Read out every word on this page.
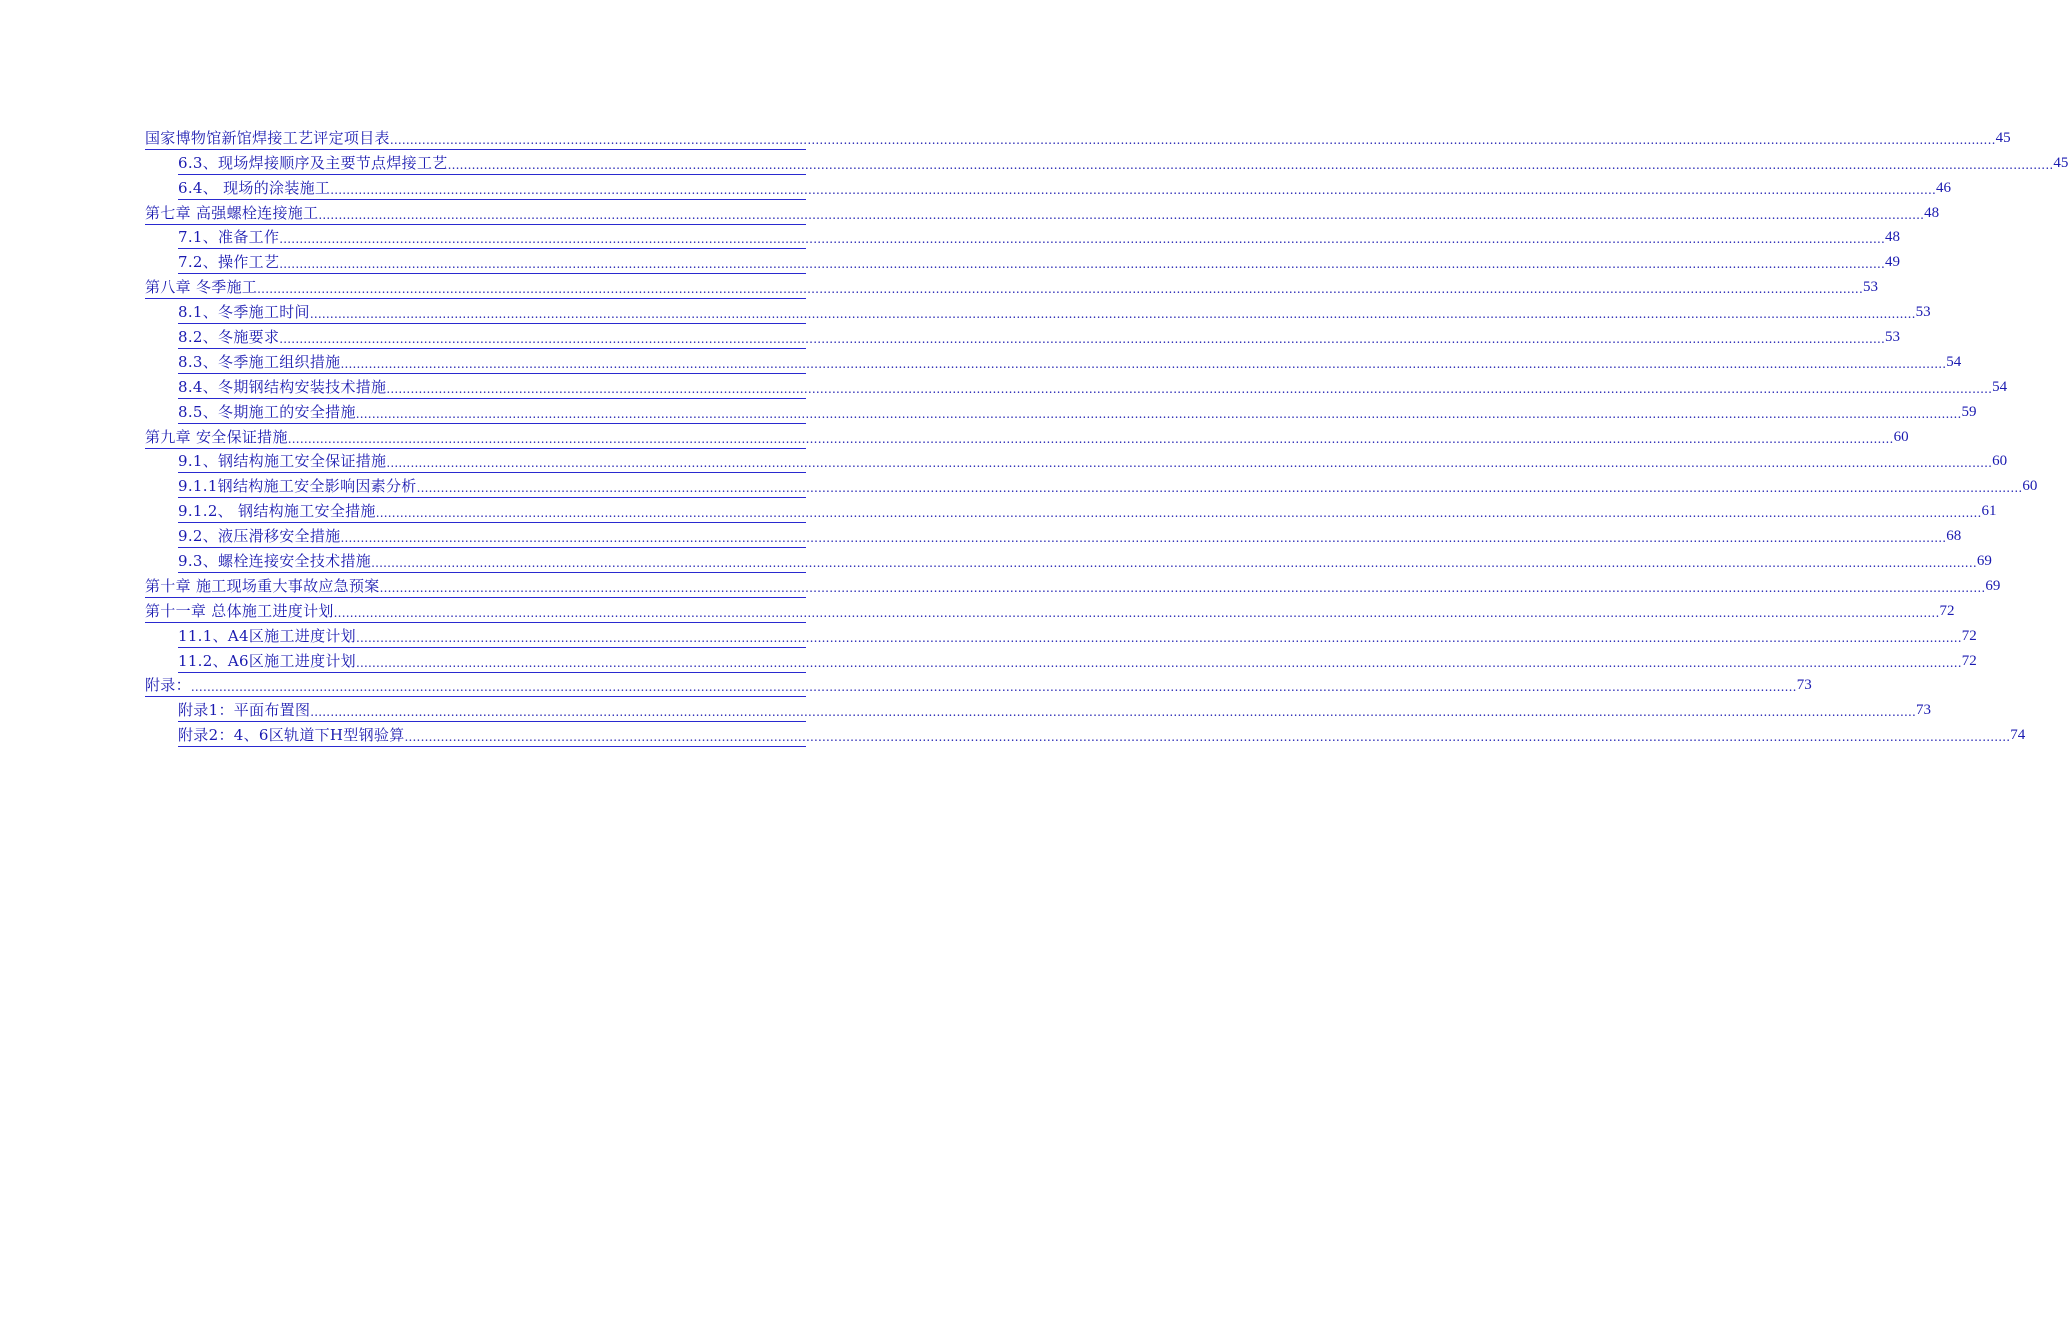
国家博物馆新馆焊接工艺评定项目表 ................................................................................................................................................................................................................................................................................................................................................................................................................ 45
6.3、现场焊接顺序及主要节点焊接工艺 ................................................................................................................................................................................................................................................................................................................................................................................................................ 45
6.4、 现场的涂装施工 ................................................................................................................................................................................................................................................................................................................................................................................................................ 46
第七章 高强螺栓连接施工 ................................................................................................................................................................................................................................................................................................................................................................................................................ 48
7.1、准备工作 ................................................................................................................................................................................................................................................................................................................................................................................................................ 48
7.2、操作工艺 ................................................................................................................................................................................................................................................................................................................................................................................................................ 49
第八章 冬季施工 ................................................................................................................................................................................................................................................................................................................................................................................................................ 53
8.1、冬季施工时间 ................................................................................................................................................................................................................................................................................................................................................................................................................ 53
8.2、冬施要求 ................................................................................................................................................................................................................................................................................................................................................................................................................ 53
8.3、冬季施工组织措施 ................................................................................................................................................................................................................................................................................................................................................................................................................ 54
8.4、冬期钢结构安装技术措施 ................................................................................................................................................................................................................................................................................................................................................................................................................ 54
8.5、冬期施工的安全措施 ................................................................................................................................................................................................................................................................................................................................................................................................................ 59
第九章 安全保证措施 ................................................................................................................................................................................................................................................................................................................................................................................................................ 60
9.1、钢结构施工安全保证措施 ................................................................................................................................................................................................................................................................................................................................................................................................................ 60
9.1.1钢结构施工安全影响因素分析 ................................................................................................................................................................................................................................................................................................................................................................................................................ 60
9.1.2、 钢结构施工安全措施 ................................................................................................................................................................................................................................................................................................................................................................................................................ 61
9.2、液压滑移安全措施 ................................................................................................................................................................................................................................................................................................................................................................................................................ 68
9.3、螺栓连接安全技术措施 ................................................................................................................................................................................................................................................................................................................................................................................................................ 69
第十章 施工现场重大事故应急预案 ................................................................................................................................................................................................................................................................................................................................................................................................................ 69
第十一章 总体施工进度计划 ................................................................................................................................................................................................................................................................................................................................................................................................................ 72
11.1、A4区施工进度计划 ................................................................................................................................................................................................................................................................................................................................................................................................................ 72
11.2、A6区施工进度计划 ................................................................................................................................................................................................................................................................................................................................................................................................................ 72
附录： ................................................................................................................................................................................................................................................................................................................................................................................................................ 73
附录1：平面布置图 ................................................................................................................................................................................................................................................................................................................................................................................................................ 73
附录2：4、6区轨道下H型钢验算 ................................................................................................................................................................................................................................................................................................................................................................................................................ 74
